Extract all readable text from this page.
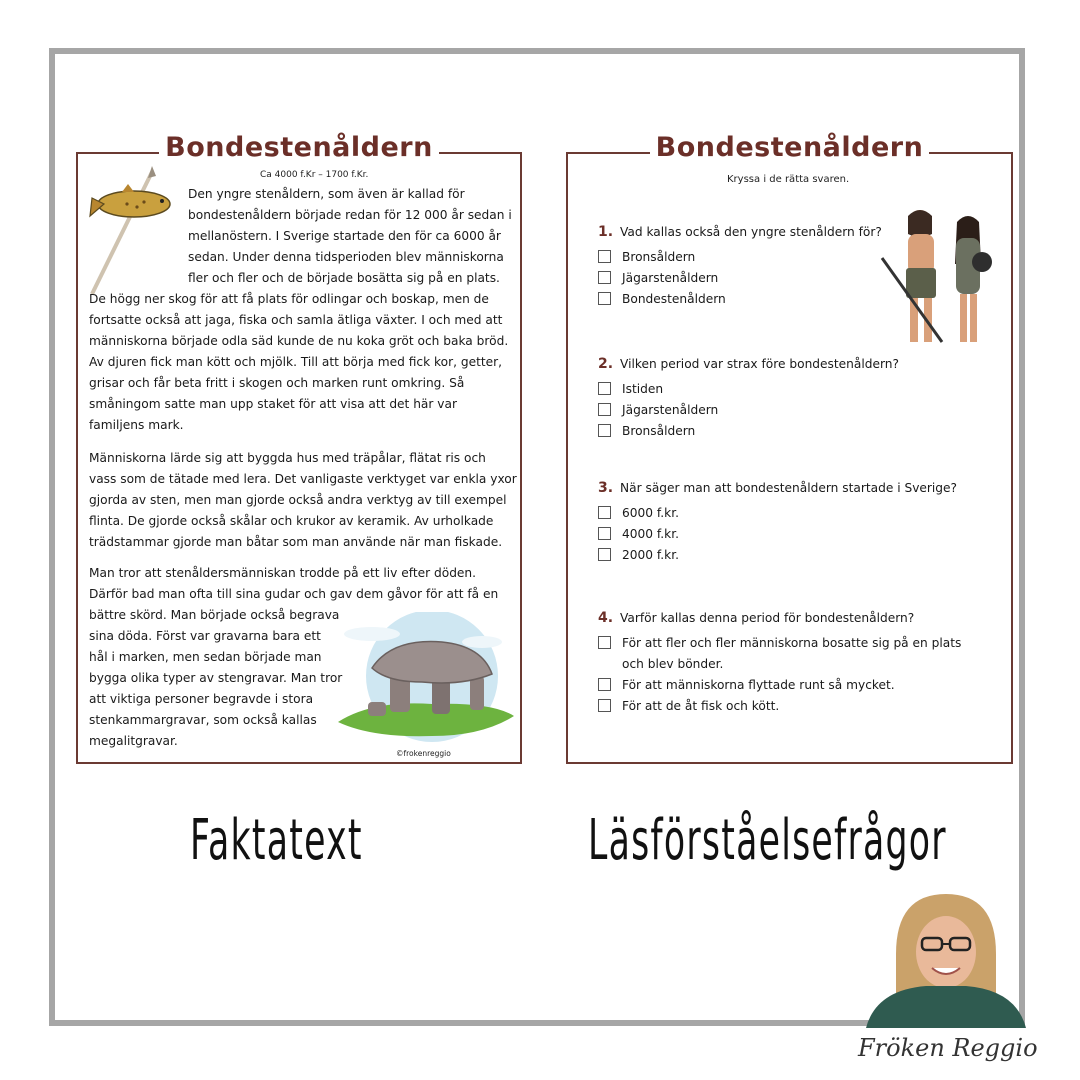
Bondestenåldern
Ca 4000 f.Kr – 1700 f.Kr.

Den yngre stenåldern, som även är kallad för

bondestenåldern började redan för 12 000 år sedan i

mellanöstern. I Sverige startade den för ca 6000 år

sedan. Under denna tidsperioden blev människorna

fler och fler och de började bosätta sig på en plats.

De högg ner skog för att få plats för odlingar och boskap, men de

fortsatte också att jaga, fiska och samla ätliga växter. I och med att

människorna började odla säd kunde de nu koka gröt och baka bröd.

Av djuren fick man kött och mjölk. Till att börja med fick kor, getter,

grisar och får beta fritt i skogen och marken runt omkring. Så

småningom satte man upp staket för att visa att det här var

familjens mark.

Människorna lärde sig att byggda hus med träpålar, flätat ris och

vass som de tätade med lera. Det vanligaste verktyget var enkla yxor

gjorda av sten, men man gjorde också andra verktyg av till exempel

flinta. De gjorde också skålar och krukor av keramik. Av urholkade

trädstammar gjorde man båtar som man använde när man fiskade.

Man tror att stenåldersmänniskan trodde på ett liv efter döden.

Därför bad man ofta till sina gudar och gav dem gåvor för att få en

bättre skörd. Man började också begrava

sina döda. Först var gravarna bara ett

hål i marken, men sedan började man

bygga olika typer av stengravar. Man tror

att viktiga personer begravde i stora

stenkammargravar, som också kallas

megalitgravar.

©frokenreggio
Bondestenåldern
Kryssa i de rätta svaren.
1. Vad kallas också den yngre stenåldern för?
Bronsåldern
Jägarstenåldern
Bondestenåldern
2. Vilken period var strax före bondestenåldern?
Istiden
Jägarstenåldern
Bronsåldern
3. När säger man att bondestenåldern startade i Sverige?
6000 f.kr.
4000 f.kr.
2000 f.kr.
4. Varför kallas denna period för bondestenåldern?
För att fler och fler människorna bosatte sig på en plats och blev bönder.
För att människorna flyttade runt så mycket.
För att de åt fisk och kött.
Faktatext	Läsförståelsefrågor
Fröken Reggio
